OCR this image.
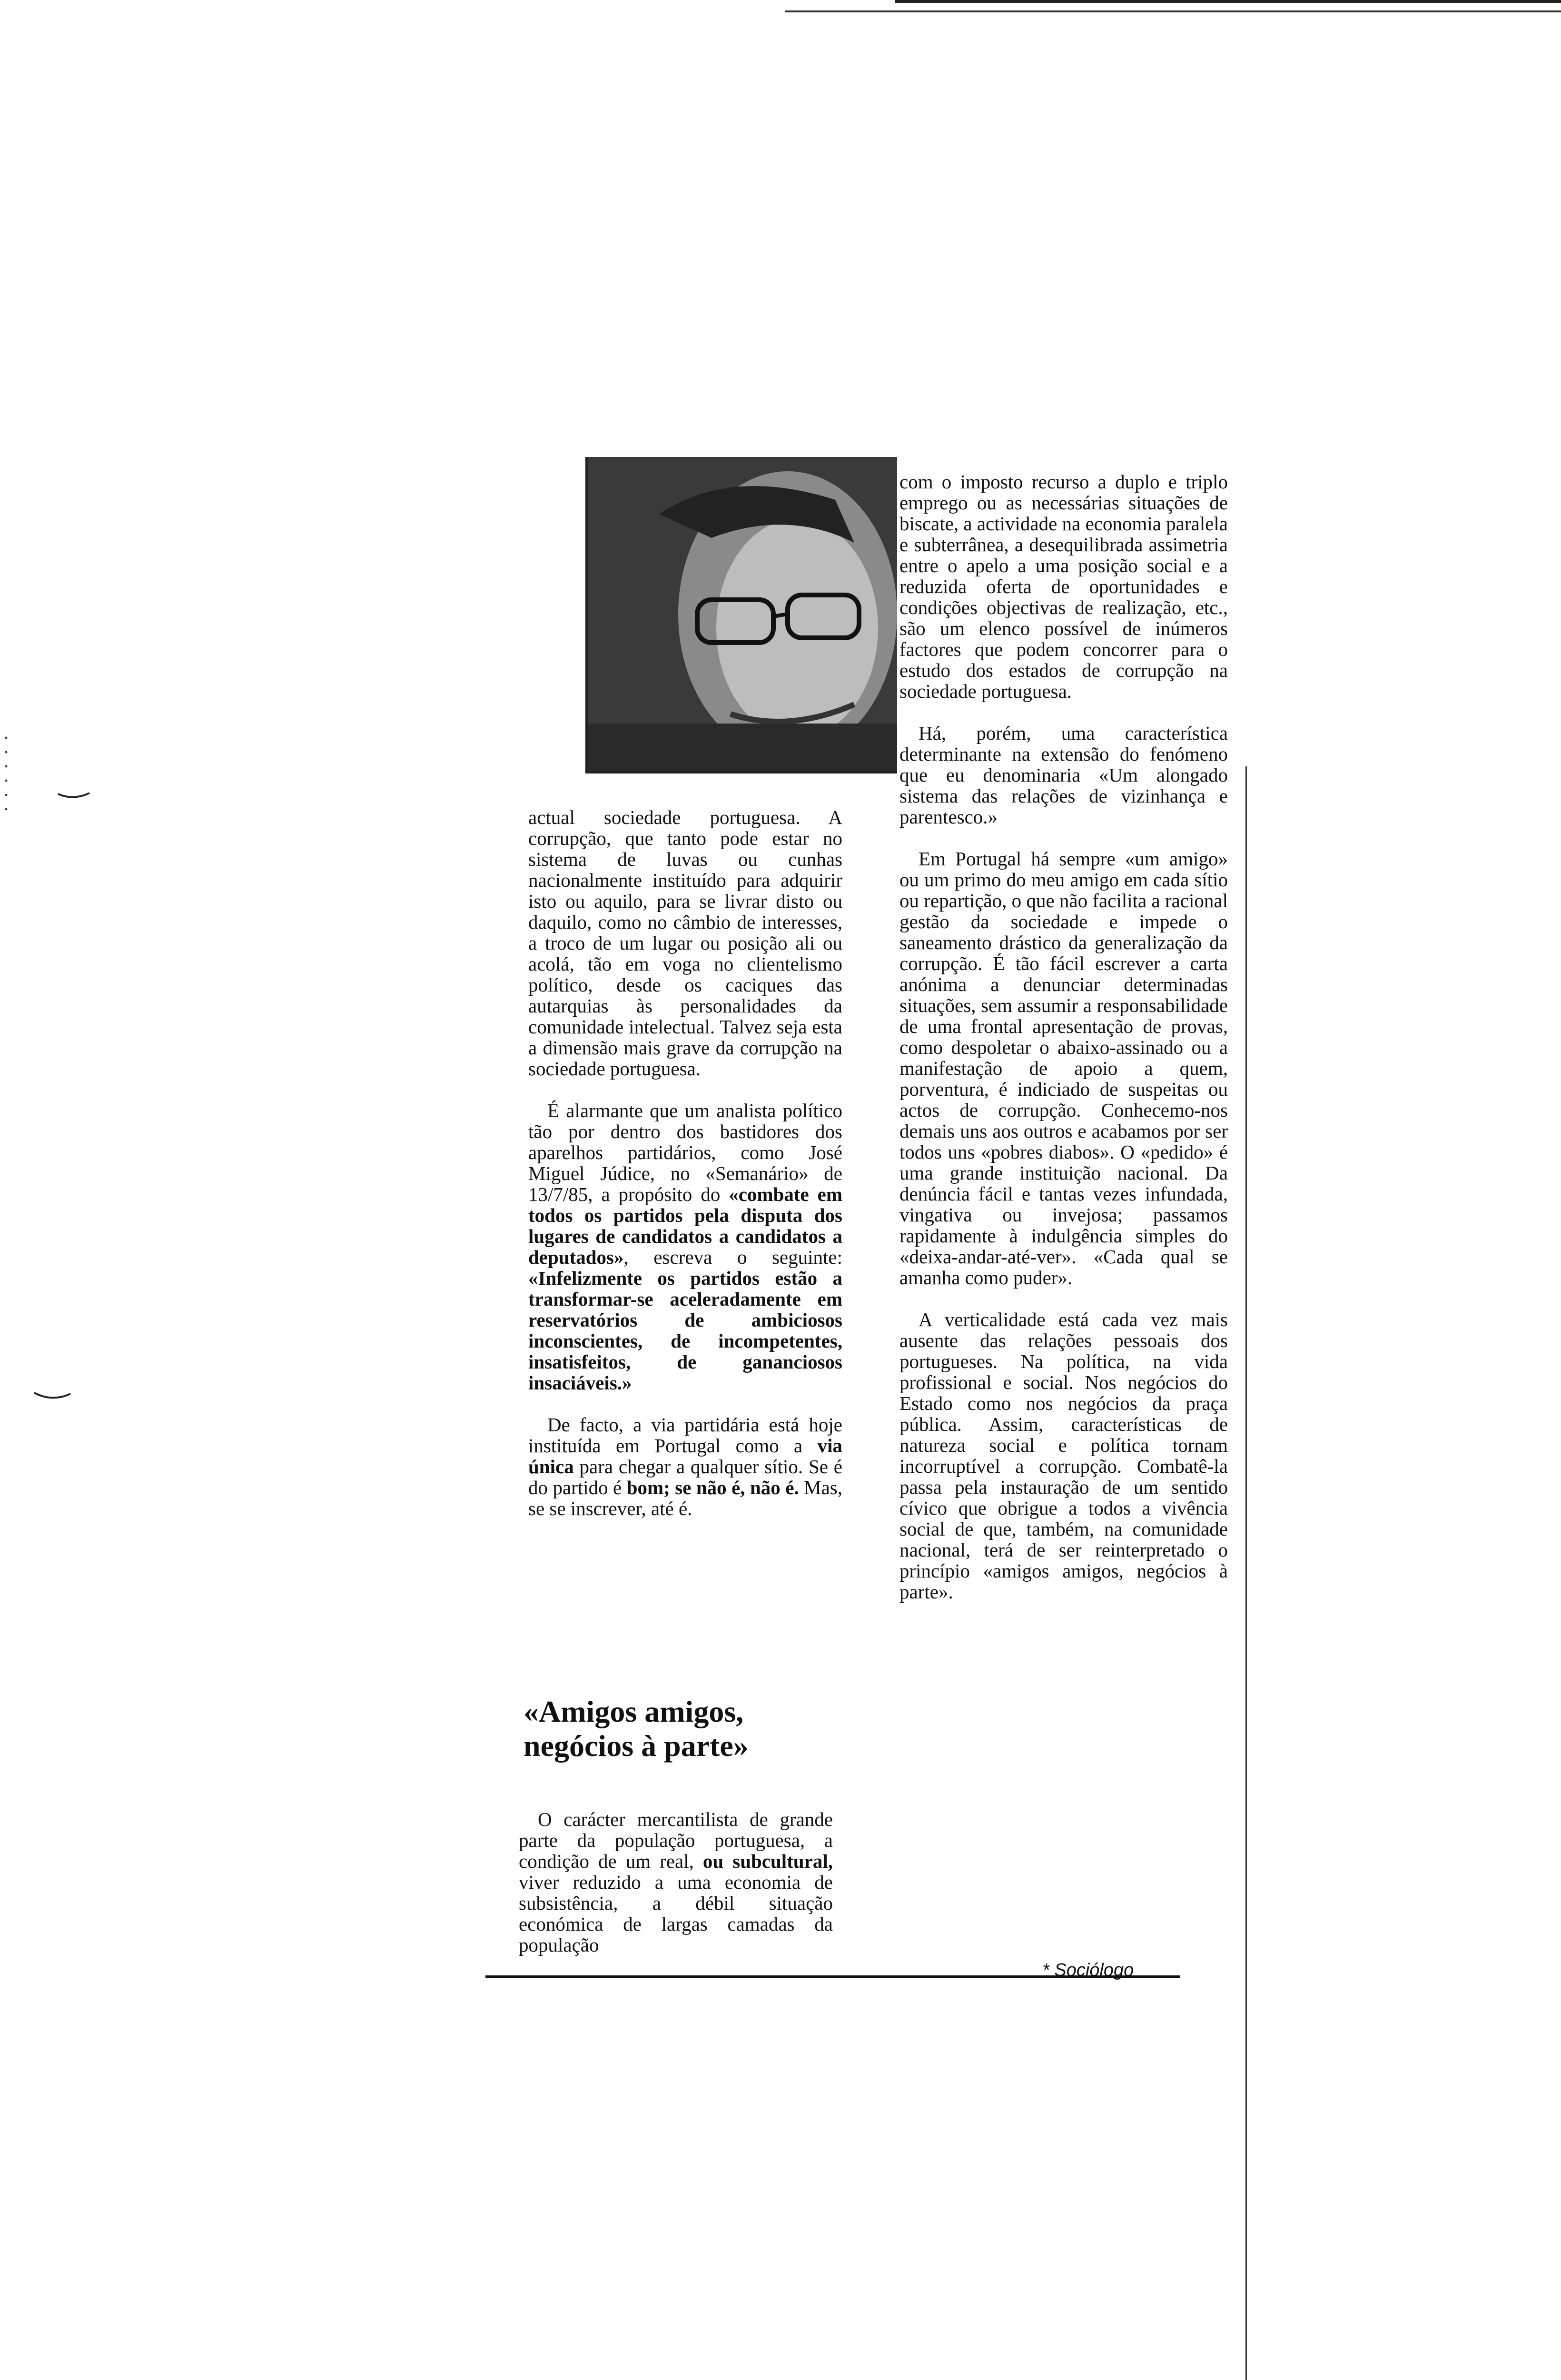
com o imposto recurso a duplo e triplo emprego ou as necessárias situações de biscate, a actividade na economia paralela e subterrânea, a desequilibrada assimetria entre o apelo a uma posição social e a reduzida oferta de oportunidades e condições objectivas de realização, etc., são um elenco possível de inúmeros factores que podem concorrer para o estudo dos estados de corrupção na sociedade portuguesa.

Há, porém, uma característica determinante na extensão do fenómeno que eu denominaria «Um alongado sistema das relações de vizinhança e parentesco.»

Em Portugal há sempre «um amigo» ou um primo do meu amigo em cada sítio ou repartição, o que não facilita a racional gestão da sociedade e impede o saneamento drástico da generalização da corrupção. É tão fácil escrever a carta anónima a denunciar determinadas situações, sem assumir a responsabilidade de uma frontal apresentação de provas, como despoletar o abaixo-assinado ou a manifestação de apoio a quem, porventura, é indiciado de suspeitas ou actos de corrupção. Conhecemo-nos demais uns aos outros e acabamos por ser todos uns «pobres diabos». O «pedido» é uma grande instituição nacional. Da denúncia fácil e tantas vezes infundada, vingativa ou invejosa; passamos rapidamente à indulgência simples do «deixa-andar-até-ver». «Cada qual se amanha como puder».

A verticalidade está cada vez mais ausente das relações pessoais dos portugueses. Na política, na vida profissional e social. Nos negócios do Estado como nos negócios da praça pública. Assim, características de natureza social e política tornam incorruptível a corrupção. Combatê-la passa pela instauração de um sentido cívico que obrigue a todos a vivência social de que, também, na comunidade nacional, terá de ser reinterpretado o princípio «amigos amigos, negócios à parte».

actual sociedade portuguesa. A corrupção, que tanto pode estar no sistema de luvas ou cunhas nacionalmente instituído para adquirir isto ou aquilo, para se livrar disto ou daquilo, como no câmbio de interesses, a troco de um lugar ou posição ali ou acolá, tão em voga no clientelismo político, desde os caciques das autarquias às personalidades da comunidade intelectual. Talvez seja esta a dimensão mais grave da corrupção na sociedade portuguesa.

É alarmante que um analista político tão por dentro dos bastidores dos aparelhos partidários, como José Miguel Júdice, no «Semanário» de 13/7/85, a propósito do «combate em todos os partidos pela disputa dos lugares de candidatos a candidatos a deputados», escreva o seguinte: «Infelizmente os partidos estão a transformar-se aceleradamente em reservatórios de ambiciosos inconscientes, de incompetentes, insatisfeitos, de gananciosos insaciáveis.»

De facto, a via partidária está hoje instituída em Portugal como a via única para chegar a qualquer sítio. Se é do partido é bom; se não é, não é. Mas, se se inscrever, até é.

«Amigos amigos, negócios à parte»

O carácter mercantilista de grande parte da população portuguesa, a condição de um real, ou subcultural, viver reduzido a uma economia de subsistência, a débil situação económica de largas camadas da população

* Sociólogo
